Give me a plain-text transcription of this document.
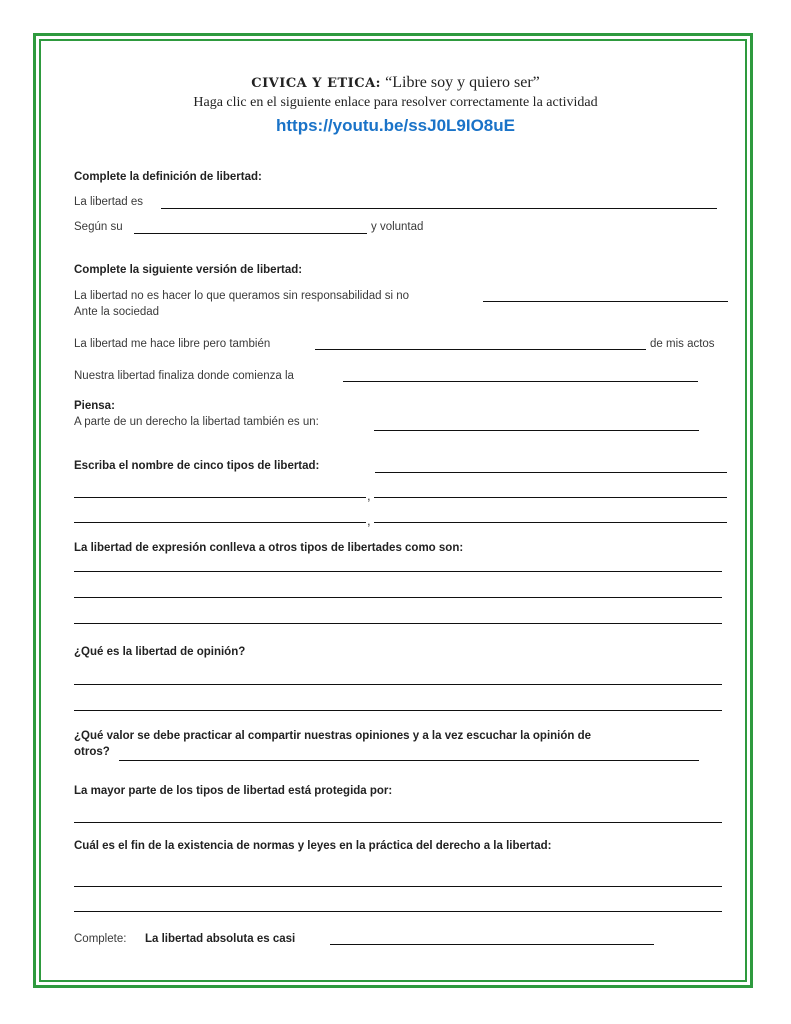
CIVICA Y ETICA: “Libre soy y quiero ser”
Haga clic en el siguiente enlace para resolver correctamente la actividad
https://youtu.be/ssJ0L9IO8uE
Complete la definición de libertad:
La libertad es
Según su	y voluntad
Complete la siguiente versión de libertad:
La libertad no es hacer lo que queramos sin responsabilidad si no
Ante la sociedad
La libertad me hace libre pero también	de mis actos
Nuestra libertad finaliza donde comienza la
Piensa:
A parte de un derecho la libertad también es un:
Escriba el nombre de cinco tipos de libertad:
,
,
La libertad de expresión conlleva a otros tipos de libertades como son:
¿Qué es la libertad de opinión?
¿Qué valor se debe practicar al compartir nuestras opiniones y a la vez escuchar la opinión de
otros?
La mayor parte de los tipos de libertad está protegida por:
Cuál es el fin de la existencia de normas y leyes en la práctica del derecho a la libertad:
Complete: La libertad absoluta es casi
